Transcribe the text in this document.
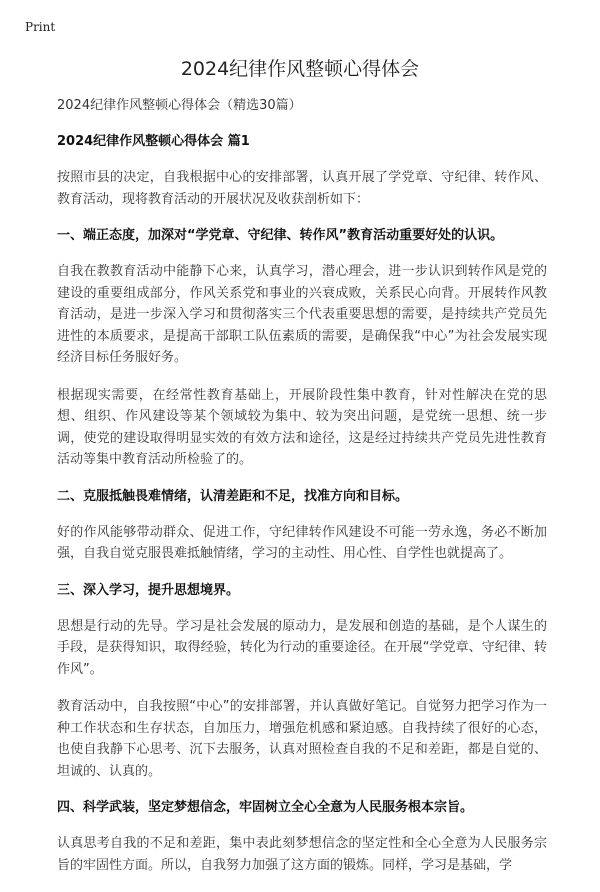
Print
2024纪律作风整顿心得体会

2024纪律作风整顿心得体会（精选30篇）

2024纪律作风整顿心得体会 篇1

按照市县的决定，自我根据中心的安排部署，认真开展了学党章、守纪律、转作风、教育活动，现将教育活动的开展状况及收获剖析如下：

一、端正态度，加深对“学党章、守纪律、转作风”教育活动重要好处的认识。

自我在教教育活动中能静下心来，认真学习，潜心理会，进一步认识到转作风是党的建设的重要组成部分，作风关系党和事业的兴衰成败，关系民心向背。开展转作风教育活动，是进一步深入学习和贯彻落实三个代表重要思想的需要，是持续共产党员先进性的本质要求，是提高干部职工队伍素质的需要，是确保我“中心”为社会发展实现经济目标任务服好务。

根据现实需要，在经常性教育基础上，开展阶段性集中教育，针对性解决在党的思想、组织、作风建设等某个领域较为集中、较为突出问题，是党统一思想、统一步调，使党的建设取得明显实效的有效方法和途径，这是经过持续共产党员先进性教育活动等集中教育活动所检验了的。

二、克服抵触畏难情绪，认清差距和不足，找准方向和目标。

好的作风能够带动群众、促进工作，守纪律转作风建设不可能一劳永逸，务必不断加强，自我自觉克服畏难抵触情绪，学习的主动性、用心性、自学性也就提高了。

三、深入学习，提升思想境界。

思想是行动的先导。学习是社会发展的原动力，是发展和创造的基础，是个人谋生的手段，是获得知识，取得经验，转化为行动的重要途径。在开展“学党章、守纪律、转作风”。

教育活动中，自我按照“中心”的安排部署，并认真做好笔记。自觉努力把学习作为一种工作状态和生存状态，自加压力，增强危机感和紧迫感。自我持续了很好的心态，也使自我静下心思考、沉下去服务，认真对照检查自我的不足和差距，都是自觉的、坦诚的、认真的。

四、科学武装，坚定梦想信念，牢固树立全心全意为人民服务根本宗旨。

认真思考自我的不足和差距，集中表此刻梦想信念的坚定性和全心全意为人民服务宗旨的牢固性方面。所以，自我努力加强了这方面的锻炼。同样，学习是基础，学
